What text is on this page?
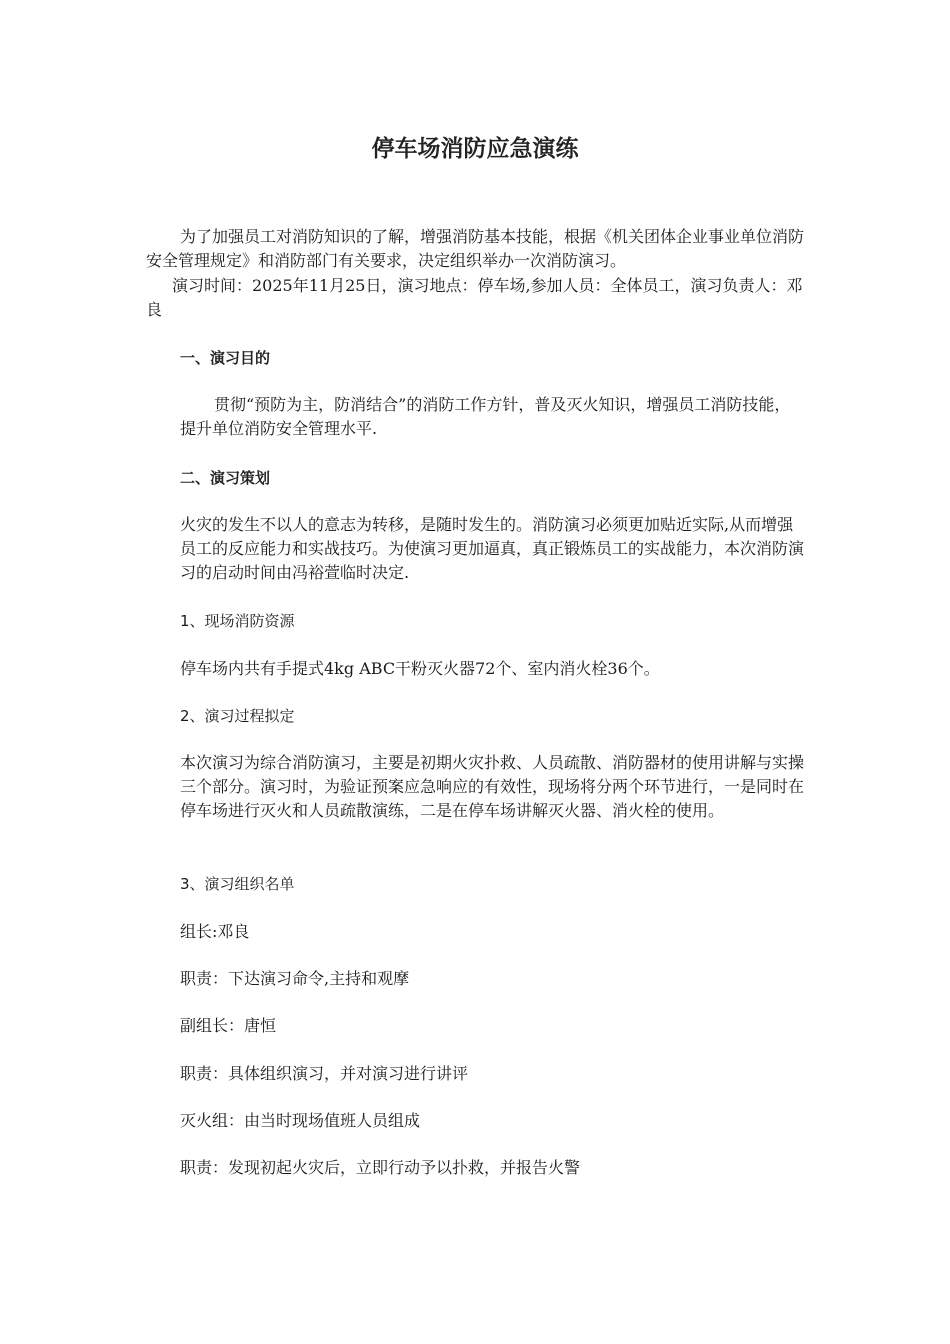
停车场消防应急演练

为了加强员工对消防知识的了解，增强消防基本技能，根据《机关团体企业事业单位消防安全管理规定》和消防部门有关要求，决定组织举办一次消防演习。

演习时间：2025年11月25日，演习地点：停车场,参加人员：全体员工，演习负责人：邓良

一、演习目的

贯彻“预防为主，防消结合”的消防工作方针，普及灭火知识，增强员工消防技能，提升单位消防安全管理水平.

二、演习策划

火灾的发生不以人的意志为转移，是随时发生的。消防演习必须更加贴近实际,从而增强员工的反应能力和实战技巧。为使演习更加逼真，真正锻炼员工的实战能力，本次消防演习的启动时间由冯裕萱临时决定.

1、现场消防资源

停车场内共有手提式4kg ABC干粉灭火器72个、室内消火栓36个。

2、演习过程拟定

本次演习为综合消防演习，主要是初期火灾扑救、人员疏散、消防器材的使用讲解与实操三个部分。演习时，为验证预案应急响应的有效性，现场将分两个环节进行，一是同时在停车场进行灭火和人员疏散演练，二是在停车场讲解灭火器、消火栓的使用。

3、演习组织名单

组长:邓良

职责：下达演习命令,主持和观摩

副组长：唐恒

职责：具体组织演习，并对演习进行讲评

灭火组：由当时现场值班人员组成

职责：发现初起火灾后，立即行动予以扑救，并报告火警
